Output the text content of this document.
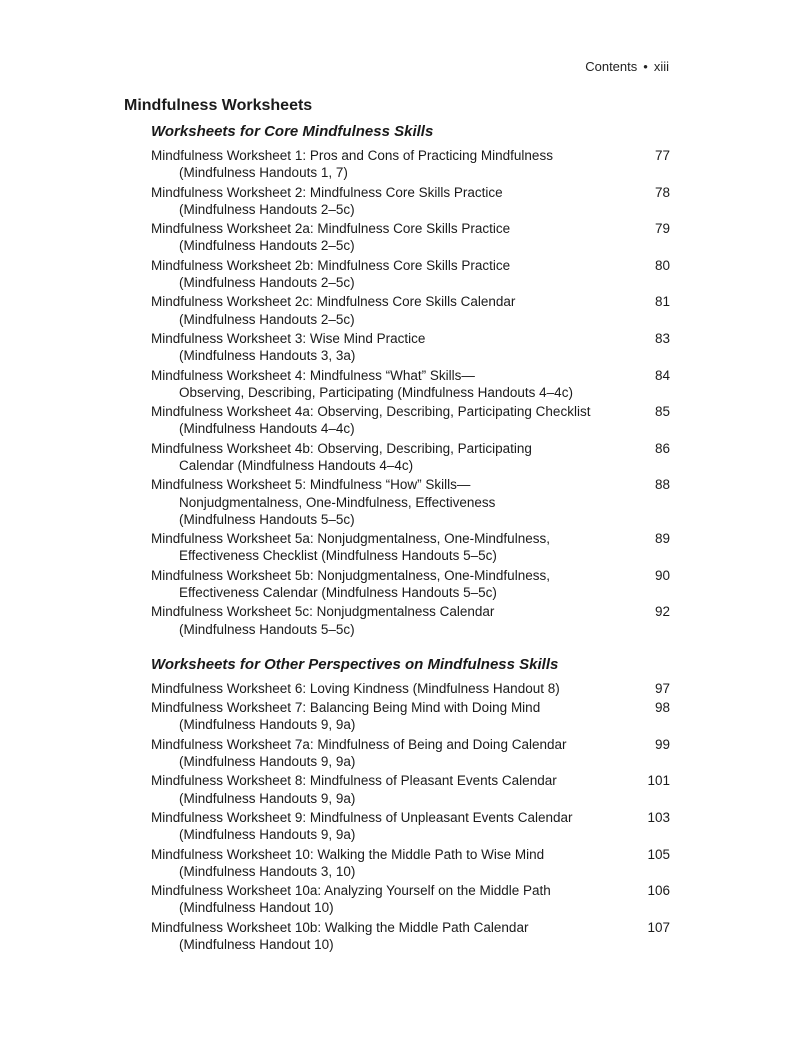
Contents • xiii
Mindfulness Worksheets
Worksheets for Core Mindfulness Skills
Mindfulness Worksheet 1: Pros and Cons of Practicing Mindfulness
(Mindfulness Handouts 1, 7)
77
Mindfulness Worksheet 2: Mindfulness Core Skills Practice
(Mindfulness Handouts 2–5c)
78
Mindfulness Worksheet 2a: Mindfulness Core Skills Practice
(Mindfulness Handouts 2–5c)
79
Mindfulness Worksheet 2b: Mindfulness Core Skills Practice
(Mindfulness Handouts 2–5c)
80
Mindfulness Worksheet 2c: Mindfulness Core Skills Calendar
(Mindfulness Handouts 2–5c)
81
Mindfulness Worksheet 3: Wise Mind Practice
(Mindfulness Handouts 3, 3a)
83
Mindfulness Worksheet 4: Mindfulness “What” Skills—
Observing, Describing, Participating (Mindfulness Handouts 4–4c)
84
Mindfulness Worksheet 4a: Observing, Describing, Participating Checklist
(Mindfulness Handouts 4–4c)
85
Mindfulness Worksheet 4b: Observing, Describing, Participating
Calendar (Mindfulness Handouts 4–4c)
86
Mindfulness Worksheet 5: Mindfulness “How” Skills—
Nonjudgmentalness, One-Mindfulness, Effectiveness
(Mindfulness Handouts 5–5c)
88
Mindfulness Worksheet 5a: Nonjudgmentalness, One-Mindfulness,
Effectiveness Checklist (Mindfulness Handouts 5–5c)
89
Mindfulness Worksheet 5b: Nonjudgmentalness, One-Mindfulness,
Effectiveness Calendar (Mindfulness Handouts 5–5c)
90
Mindfulness Worksheet 5c: Nonjudgmentalness Calendar
(Mindfulness Handouts 5–5c)
92
Worksheets for Other Perspectives on Mindfulness Skills
Mindfulness Worksheet 6: Loving Kindness (Mindfulness Handout 8)	97
Mindfulness Worksheet 7: Balancing Being Mind with Doing Mind
(Mindfulness Handouts 9, 9a)
98
Mindfulness Worksheet 7a: Mindfulness of Being and Doing Calendar
(Mindfulness Handouts 9, 9a)
99
Mindfulness Worksheet 8: Mindfulness of Pleasant Events Calendar
(Mindfulness Handouts 9, 9a)
101
Mindfulness Worksheet 9: Mindfulness of Unpleasant Events Calendar
(Mindfulness Handouts 9, 9a)
103
Mindfulness Worksheet 10: Walking the Middle Path to Wise Mind
(Mindfulness Handouts 3, 10)
105
Mindfulness Worksheet 10a: Analyzing Yourself on the Middle Path
(Mindfulness Handout 10)
106
Mindfulness Worksheet 10b: Walking the Middle Path Calendar
(Mindfulness Handout 10)
107
